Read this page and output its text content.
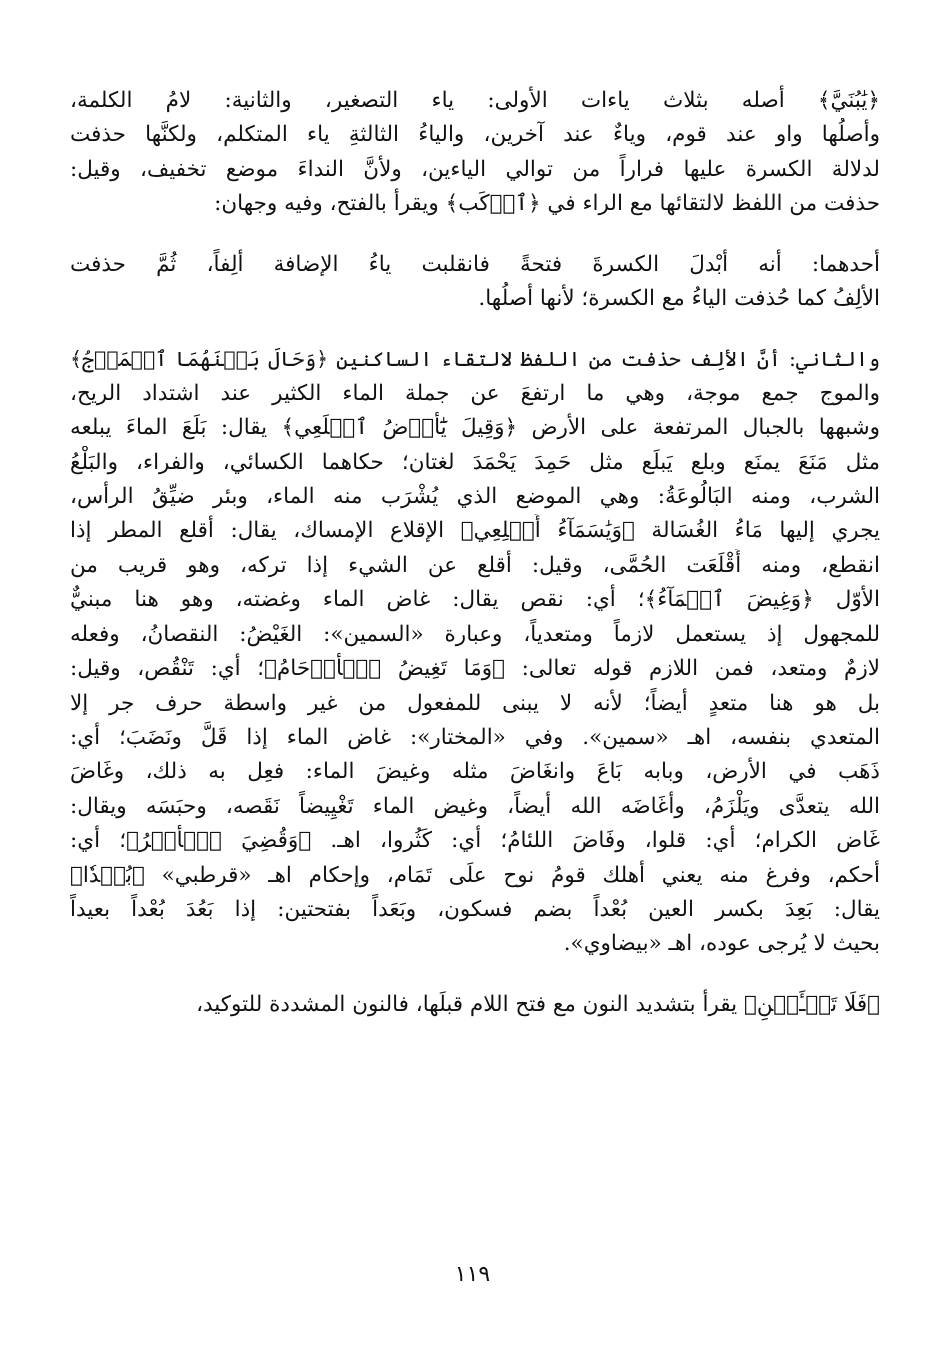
﴿يَٰبُنَيَّ﴾ أصله بثلاث ياءات الأولى: ياء التصغير، والثانية: لامُ الكلمة،
وأصلُها واو عند قوم، وياءٌ عند آخرين، والياءُ الثالثةِ ياء المتكلم، ولكنَّها حذفت
لدلالة الكسرة عليها فراراً من توالي الياءين، ولأنَّ النداءَ موضع تخفيف، وقيل:
حذفت من اللفظ لالتقائها مع الراء في ﴿ٱرۡكَب﴾ ويقرأ بالفتح، وفيه وجهان:
أحدهما: أنه أبْدلَ الكسرةَ فتحةً فانقلبت ياءُ الإضافة ألِفاً، ثُمَّ حذفت
الألِفُ كما حُذفت الياءُ مع الكسرة؛ لأنها أصلُها.
والثاني: أنَّ الألِف حذفت من اللفظ لالتقاء الساكنين ﴿وَحَالَ بَيۡنَهُمَا ٱلۡمَوۡجُ﴾
والموج جمع موجة، وهي ما ارتفعَ عن جملة الماء الكثير عند اشتداد الريح،
وشبهها بالجبال المرتفعة على الأرض ﴿وَقِيلَ يَٰٓأَرۡضُ ٱبۡلَعِي﴾ يقال: بَلَعَ الماءَ يبلعه
مثل مَنَعَ يمنَع وبلع يَبلَع مثل حَمِدَ يَحْمَدَ لغتان؛ حكاهما الكسائي، والفراء، والبَلْعُ
الشرب، ومنه البَالُوعَةُ: وهي الموضع الذي يُشْرَب منه الماء، وبئر ضيِّقُ الرأس،
يجري إليها مَاءُ الغُسَالة ﴿وَيَٰسَمَآءُ أَقۡلِعِي﴾ الإقلاع الإمساك، يقال: أقلع المطر إذا
انقطع، ومنه أَقْلَعَت الحُمَّى، وقيل: أقلع عن الشيء إذا تركه، وهو قريب من
الأوّل ﴿وَغِيضَ ٱلۡمَآءُ﴾؛ أي: نقص يقال: غاض الماء وغضته، وهو هنا مبنيٌّ
للمجهول إذ يستعمل لازماً ومتعدياً، وعبارة «السمين»: الغَيْضُ: النقصانُ، وفعله
لازمٌ ومتعد، فمن اللازم قوله تعالى: ﴿وَمَا تَغِيضُ ٱلۡأَرۡحَامُ﴾؛ أي: تَنْقُص، وقيل:
بل هو هنا متعدٍ أيضاً؛ لأنه لا يبنى للمفعول من غير واسطة حرف جر إلا
المتعدي بنفسه، اهـ «سمين». وفي «المختار»: غاض الماء إذا قَلَّ ونَضَبَ؛ أي:
ذَهَب في الأرض، وبابه بَاعَ وانغَاضَ مثله وغيضَ الماء: فعِل به ذلك، وغَاضَ
الله يتعدَّى ويَلْزَمُ، وأغَاضَه الله أيضاً، وغيض الماء تَغْيِيضاً نَقَصه، وحبَسَه ويقال:
غَاض الكرام؛ أي: قلوا، وفَاضَ اللئامُ؛ أي: كَثُروا، اهـ. ﴿وَقُضِيَ ٱلۡأَمۡرُ﴾؛ أي:
أحكم، وفرغ منه يعني أهلك قومُ نوح علَى تَمَام، وإحكام اهـ «قرطبي» ﴿بُعۡدٗا﴾
يقال: بَعِدَ بكسر العين بُعْداً بضم فسكون، وبَعَداً بفتحتين: إذا بَعُدَ بُعْداً بعيداً
بحيث لا يُرجى عوده، اهـ «بيضاوي».
﴿فَلَا تَسۡـَٔلۡنِ﴾ يقرأ بتشديد النون مع فتح اللام قبلَها، فالنون المشددة للتوكيد،
١١٩
